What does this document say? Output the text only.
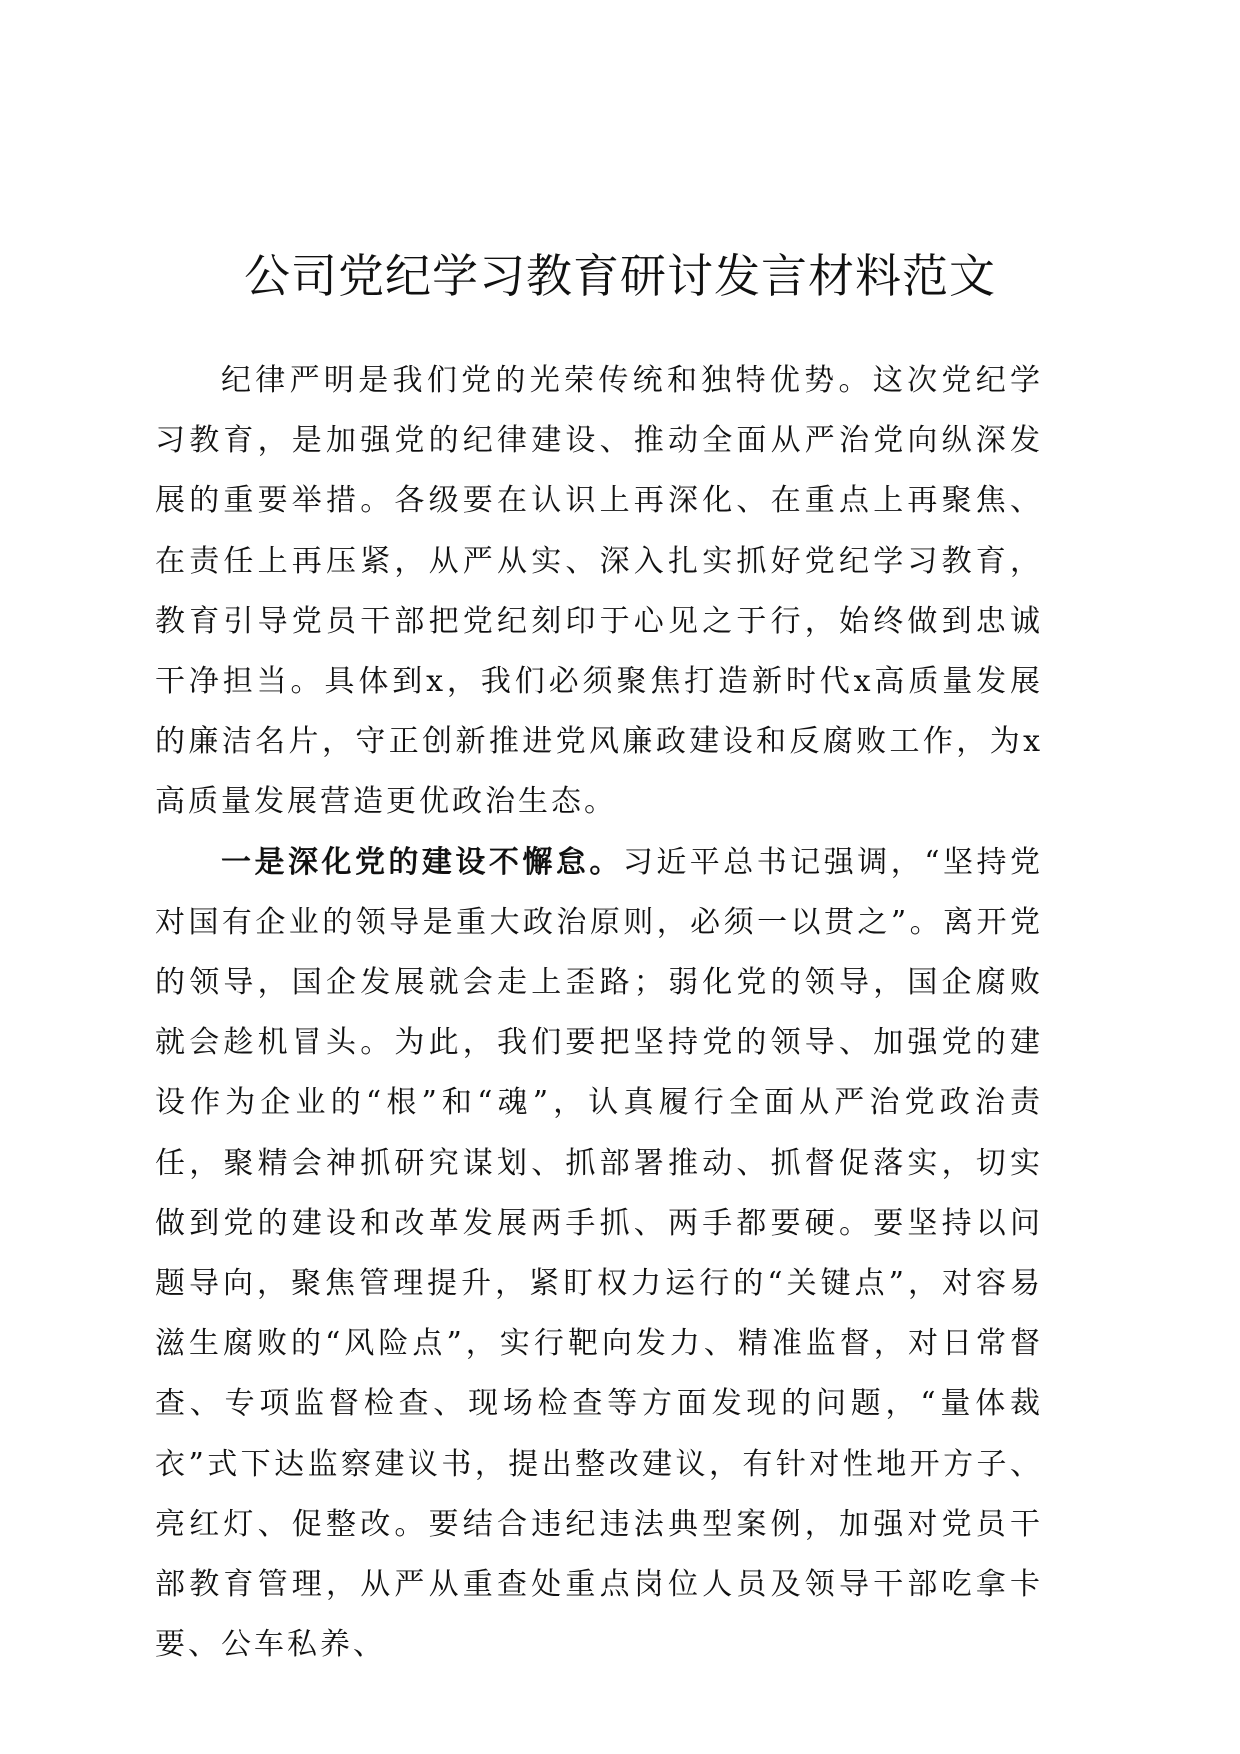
公司党纪学习教育研讨发言材料范文

纪律严明是我们党的光荣传统和独特优势。这次党纪学习教育，是加强党的纪律建设、推动全面从严治党向纵深发展的重要举措。各级要在认识上再深化、在重点上再聚焦、在责任上再压紧，从严从实、深入扎实抓好党纪学习教育，教育引导党员干部把党纪刻印于心见之于行，始终做到忠诚干净担当。具体到x，我们必须聚焦打造新时代x高质量发展的廉洁名片，守正创新推进党风廉政建设和反腐败工作，为x高质量发展营造更优政治生态。

一是深化党的建设不懈怠。习近平总书记强调，“坚持党对国有企业的领导是重大政治原则，必须一以贯之”。离开党的领导，国企发展就会走上歪路；弱化党的领导，国企腐败就会趁机冒头。为此，我们要把坚持党的领导、加强党的建设作为企业的“根”和“魂”，认真履行全面从严治党政治责任，聚精会神抓研究谋划、抓部署推动、抓督促落实，切实做到党的建设和改革发展两手抓、两手都要硬。要坚持以问题导向，聚焦管理提升，紧盯权力运行的“关键点”，对容易滋生腐败的“风险点”，实行靶向发力、精准监督，对日常督查、专项监督检查、现场检查等方面发现的问题，“量体裁衣”式下达监察建议书，提出整改建议，有针对性地开方子、亮红灯、促整改。要结合违纪违法典型案例，加强对党员干部教育管理，从严从重查处重点岗位人员及领导干部吃拿卡要、公车私养、
